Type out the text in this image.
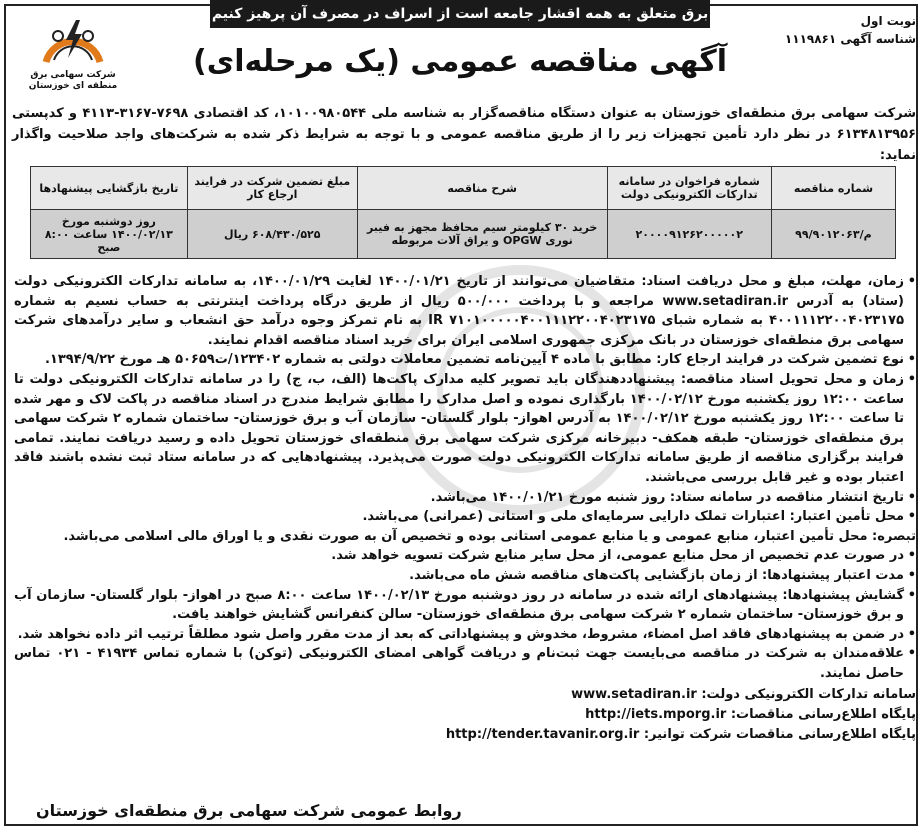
برق متعلق به همه اقشار جامعه است از اسراف در مصرف آن پرهیز کنیم	نوبت اول
شناسه آگهی ۱۱۱۹۸۶۱
شرکت سهامی برق منطقه ای خوزستان
آگهی مناقصه عمومی (یک مرحله‌ای)
شرکت سهامی برق منطقه‌ای خوزستان به عنوان دستگاه مناقصه‌گزار به شناسه ملی ۱۰۱۰۰۹۸۰۵۴۴، کد اقتصادی ۷۶۹۸-۳۱۶۷-۴۱۱۳ و کدپستی ۶۱۳۴۸۱۳۹۵۶ در نظر دارد تأمین تجهیزات زیر را از طریق مناقصه عمومی و با توجه به شرایط ذکر شده به شرکت‌های واجد صلاحیت واگذار نماید:
شماره مناقصه	شماره فراخوان در سامانه تدارکات الکترونیکی دولت	شرح مناقصه	مبلغ تضمین شرکت در فرایند ارجاع کار	تاریخ بازگشایی پیشنهادها
م/۹۹/۹۰۱۲۰۶۳	۲۰۰۰۰۹۱۲۶۲۰۰۰۰۰۲	خرید ۳۰ کیلومتر سیم محافظ مجهز به فیبر نوری OPGW و یراق آلات مربوطه	۶۰۸/۴۳۰/۵۲۵ ریال	روز دوشنبه مورخ ۱۴۰۰/۰۲/۱۳ ساعت ۸:۰۰ صبح

• زمان، مهلت، مبلغ و محل دریافت اسناد: متقاضیان می‌توانند از تاریخ ۱۴۰۰/۰۱/۲۱ لغایت ۱۴۰۰/۰۱/۲۹، به سامانه تدارکات الکترونیکی دولت (ستاد) به آدرس www.setadiran.ir مراجعه و با پرداخت ۵۰۰/۰۰۰ ریال از طریق درگاه پرداخت اینترنتی به حساب نسیم به شماره ۴۰۰۱۱۱۲۲۰۰۴۰۲۳۱۷۵ به شماره شبای IR ۷۱۰۱۰۰۰۰۰۴۰۰۱۱۱۲۲۰۰۴۰۲۳۱۷۵ به نام تمرکز وجوه درآمد حق انشعاب و سایر درآمدهای شرکت سهامی برق منطقه‌ای خوزستان در بانک مرکزی جمهوری اسلامی ایران برای خرید اسناد مناقصه اقدام نمایند.

• نوع تضمین شرکت در فرایند ارجاع کار: مطابق با ماده ۴ آیین‌نامه تضمین معاملات دولتی به شماره ۱۲۳۴۰۲/ت۵۰۶۵۹ هـ مورخ ۱۳۹۴/۹/۲۲.

• زمان و محل تحویل اسناد مناقصه: پیشنهاددهندگان باید تصویر کلیه مدارک پاکت‌ها (الف، ب، ج) را در سامانه تدارکات الکترونیکی دولت تا ساعت ۱۲:۰۰ روز یکشنبه مورخ ۱۴۰۰/۰۲/۱۲ بارگذاری نموده و اصل مدارک را مطابق شرایط مندرج در اسناد مناقصه در پاکت لاک و مهر شده تا ساعت ۱۲:۰۰ روز یکشنبه مورخ ۱۴۰۰/۰۲/۱۲ به آدرس اهواز- بلوار گلستان- سازمان آب و برق خوزستان- ساختمان شماره ۲ شرکت سهامی برق منطقه‌ای خوزستان- طبقه همکف- دبیرخانه مرکزی شرکت سهامی برق منطقه‌ای خوزستان تحویل داده و رسید دریافت نمایند. تمامی فرایند برگزاری مناقصه از طریق سامانه تدارکات الکترونیکی دولت صورت می‌پذیرد. پیشنهادهایی که در سامانه ستاد ثبت نشده باشند فاقد اعتبار بوده و غیر قابل بررسی می‌باشند.

• تاریخ انتشار مناقصه در سامانه ستاد: روز شنبه مورخ ۱۴۰۰/۰۱/۲۱ می‌باشد.

• محل تأمین اعتبار: اعتبارات تملک دارایی سرمایه‌ای ملی و استانی (عمرانی) می‌باشد.

تبصره: محل تأمین اعتبار، منابع عمومی و یا منابع عمومی استانی بوده و تخصیص آن به صورت نقدی و یا اوراق مالی اسلامی می‌باشد.

• در صورت عدم تخصیص از محل منابع عمومی، از محل سایر منابع شرکت تسویه خواهد شد.

• مدت اعتبار پیشنهادها: از زمان بازگشایی پاکت‌های مناقصه شش ماه می‌باشد.

• گشایش پیشنهادها: پیشنهادهای ارائه شده در سامانه در روز دوشنبه مورخ ۱۴۰۰/۰۲/۱۳ ساعت ۸:۰۰ صبح در اهواز- بلوار گلستان- سازمان آب و برق خوزستان- ساختمان شماره ۲ شرکت سهامی برق منطقه‌ای خوزستان- سالن کنفرانس گشایش خواهند یافت.

• در ضمن به پیشنهادهای فاقد اصل امضاء، مشروط، مخدوش و پیشنهاداتی که بعد از مدت مقرر واصل شود مطلقاً ترتیب اثر داده نخواهد شد.

• علاقه‌مندان به شرکت در مناقصه می‌بایست جهت ثبت‌نام و دریافت گواهی امضای الکترونیکی (توکن) با شماره تماس ۴۱۹۳۴ - ۰۲۱ تماس حاصل نمایند.

سامانه تدارکات الکترونیکی دولت: www.setadiran.ir

پایگاه اطلاع‌رسانی مناقصات: http://iets.mporg.ir

پایگاه اطلاع‌رسانی مناقصات شرکت توانیر: http://tender.tavanir.org.ir

روابط عمومی شرکت سهامی برق منطقه‌ای خوزستان
